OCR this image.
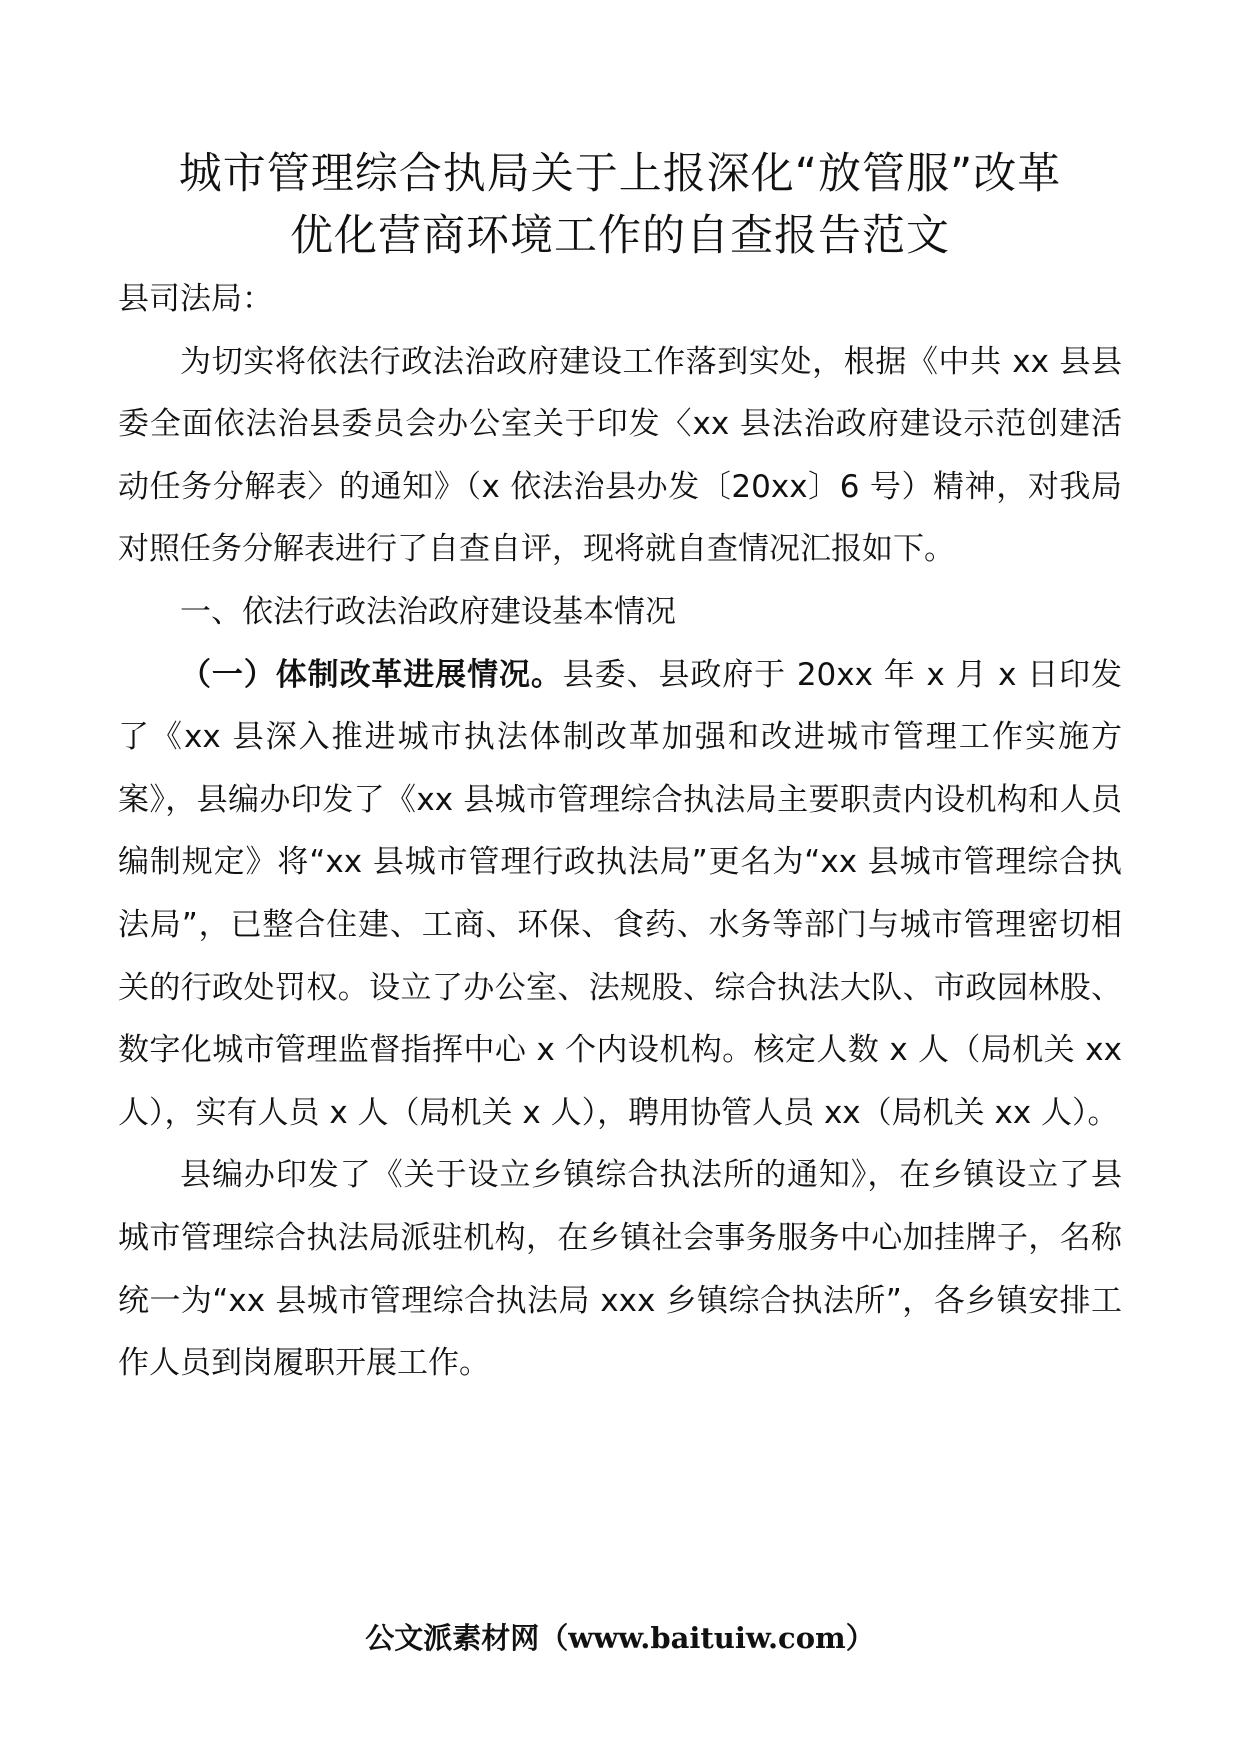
城市管理综合执局关于上报深化“放管服”改革
优化营商环境工作的自查报告范文

县司法局：

为切实将依法行政法治政府建设工作落到实处，根据《中共 xx 县县委全面依法治县委员会办公室关于印发〈xx 县法治政府建设示范创建活动任务分解表〉的通知》（x 依法治县办发〔20xx〕6 号）精神，对我局对照任务分解表进行了自查自评，现将就自查情况汇报如下。

一、依法行政法治政府建设基本情况

（一）体制改革进展情况。县委、县政府于 20xx 年 x 月 x 日印发了《xx 县深入推进城市执法体制改革加强和改进城市管理工作实施方案》，县编办印发了《xx 县城市管理综合执法局主要职责内设机构和人员编制规定》将“xx 县城市管理行政执法局”更名为“xx 县城市管理综合执法局”，已整合住建、工商、环保、食药、水务等部门与城市管理密切相关的行政处罚权。设立了办公室、法规股、综合执法大队、市政园林股、数字化城市管理监督指挥中心 x 个内设机构。核定人数 x 人（局机关 xx 人），实有人员 x 人（局机关 x 人），聘用协管人员 xx（局机关 xx 人）。

县编办印发了《关于设立乡镇综合执法所的通知》，在乡镇设立了县城市管理综合执法局派驻机构，在乡镇社会事务服务中心加挂牌子，名称统一为“xx 县城市管理综合执法局 xxx 乡镇综合执法所”，各乡镇安排工作人员到岗履职开展工作。

公文派素材网（www.baituiw.com）
